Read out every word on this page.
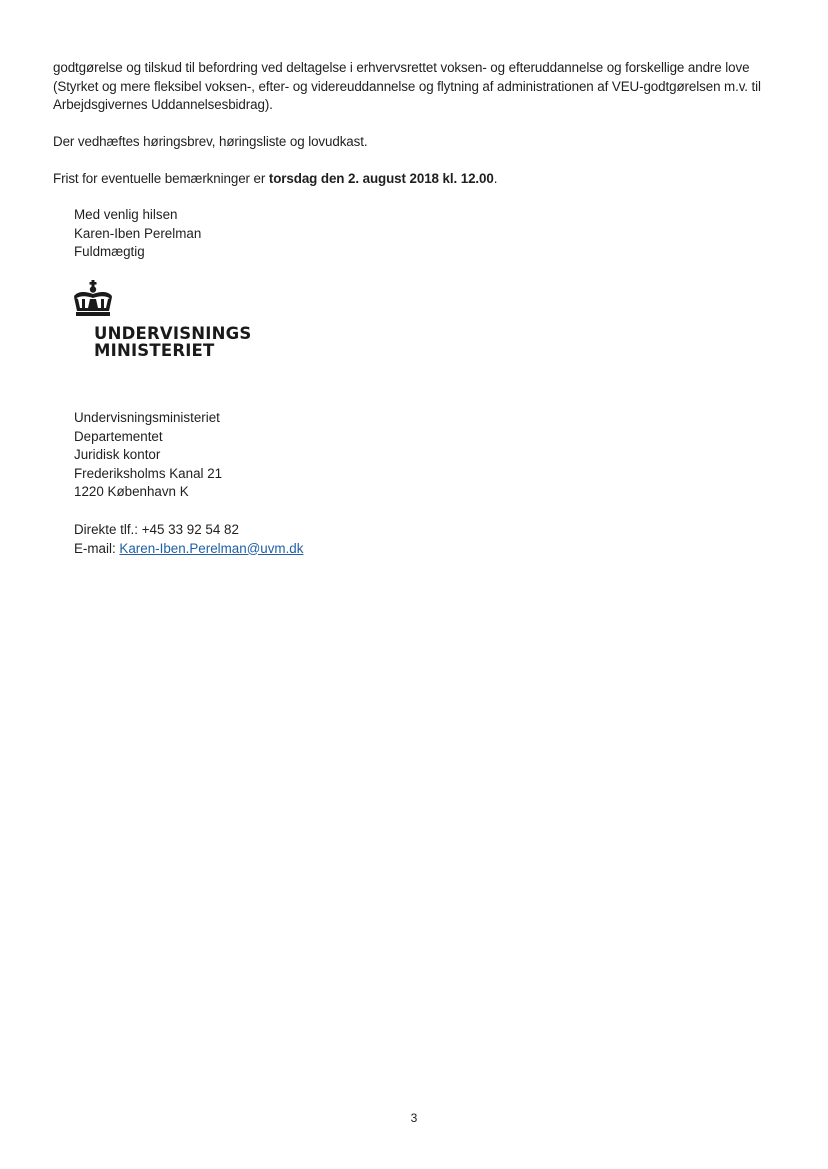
godtgørelse og tilskud til befordring ved deltagelse i erhvervsrettet voksen- og efteruddannelse og forskellige andre love (Styrket og mere fleksibel voksen-, efter- og videreuddannelse og flytning af administrationen af VEU-godtgørelsen m.v. til Arbejdsgivernes Uddannelsesbidrag).

Der vedhæftes høringsbrev, høringsliste og lovudkast.

Frist for eventuelle bemærkninger er torsdag den 2. august 2018 kl. 12.00.

Med venlig hilsen
Karen-Iben Perelman
Fuldmægtig
UNDERVISNINGS
MINISTERIET
Undervisningsministeriet
Departementet
Juridisk kontor
Frederiksholms Kanal 21
1220 København K
Direkte tlf.: +45 33 92 54 82
E-mail: Karen-Iben.Perelman@uvm.dk
3
